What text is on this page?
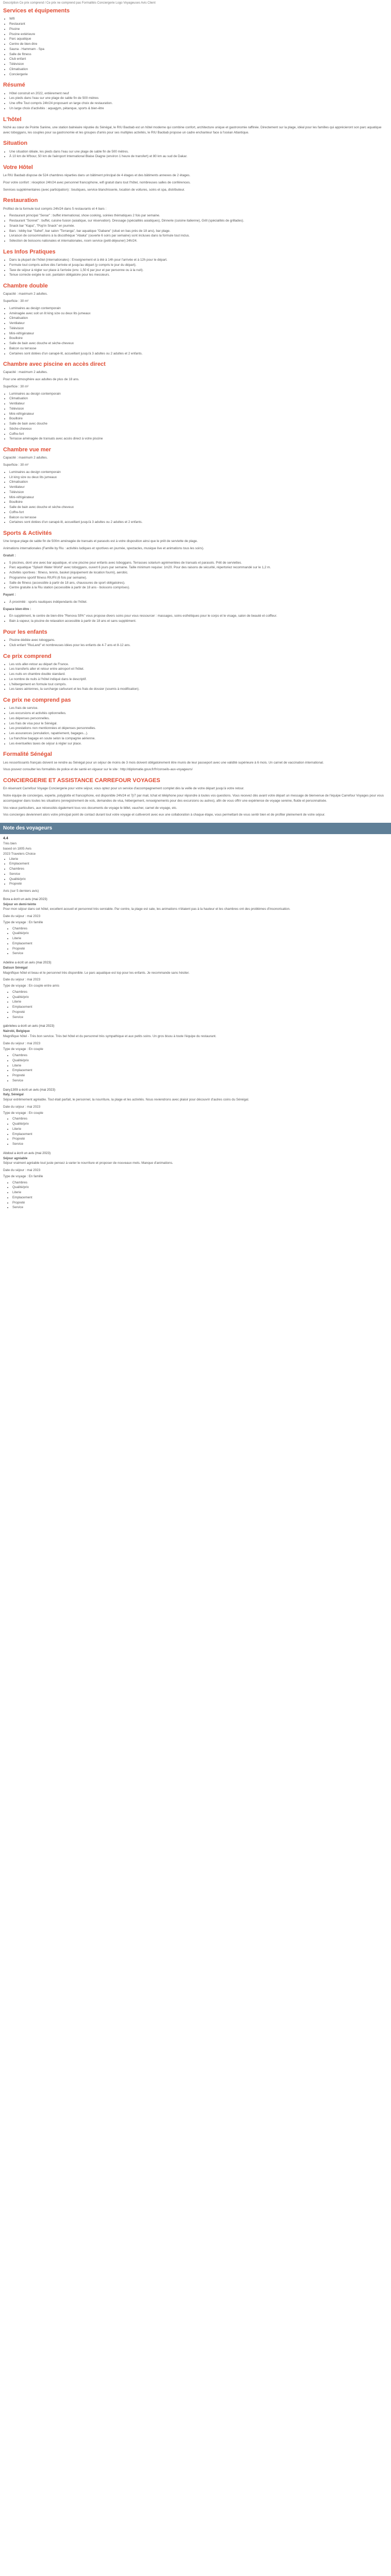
Description Ce prix comprend / Ce prix ne comprend pas Formalités Conciergerie Logo Voyageuses Avis Client
Services et équipements
• Wifi
• Restaurant
• Piscine
• Piscine extérieure
• Parc aquatique
• Centre de bien-être
• Sauna - Hammam - Spa
• Salle de fitness
• Club enfant
• Télévision
• Climatisation
• Conciergerie
Résumé
• Hôtel construit en 2022, entièrement neuf
• Les pieds dans l'eau sur une plage de sable fin de 500 mètres
• Une offre Tout compris 24h/24 proposant un large choix de restauration.
• Un large choix d'activités : aquagym, pétanque, sports & bien-être
L'hôtel

Niché au cœur de Pointe Sarène, une station balnéaire réputée du Sénégal, le RIU Baobab est un hôtel moderne qui combine confort, architecture unique et gastronomie raffinée. Directement sur la plage, idéal pour les familles qui apprécieront son parc aquatique avec toboggans, les couples pour sa gastronomie et les groupes d'amis pour ses multiples activités, le RIU Baobab propose un cadre enchanteur face à l'océan Atlantique.

Situation
• Une situation idéale, les pieds dans l'eau sur une plage de sable fin de 500 mètres.
• À 10 km de M'bour, 50 km de l'aéroport International Blaise Diagne (environ 1 heure de transfert) et 80 km au sud de Dakar.
Votre Hôtel

Le RIU Baobab dispose de 524 chambres réparties dans un bâtiment principal de 4 étages et des bâtiments annexes de 2 étages.

Pour votre confort : réception 24h/24 avec personnel francophone, wifi gratuit dans tout l'hôtel, nombreuses salles de conférences.

Services supplémentaires (avec participation) : boutiques, service blanchisserie, location de voitures, soins et spa, distributeur.

Restauration

Profitez de la formule tout compris 24h/24 dans 5 restaurants et 4 bars :

• Restaurant principal "Senar" : buffet international, show cooking, soirées thématiques 2 fois par semaine.
• Restaurant "Sonnet" : buffet, cuisine fusion (asiatique, sur réservation). Dressage (spécialités asiatiques), Dinnerie (cuisine italienne), Grill (spécialités de grillades).
• Snack bar "Kapa", "Pop'in Snack" en journée.
• Bars : lobby bar "Sahel", bar salon "Terranga", bar aquatique "Gabane" (situé en bas près de 18 ans), bar plage.
• Livraison de consommations à la discothèque "Abaka" (ouverte 6 soirs par semaine) sont incluses dans la formule tout inclus.
• Sélection de boissons nationales et internationales, room service (petit-déjeuner) 24h/24.
Les Infos Pratiques
• Dans la plupart de l'hôtel (internationales) : Enseignement et à été à 14h pour l'arrivée et à 12h pour le départ.
• Formule tout compris active dès l'arrivée et jusqu'au départ (y compris le jour du départ).
• Taxe de séjour à régler sur place à l'arrivée (env. 1,50 € par jour et par personne ou à la nuit).
• Tenue correcte exigée le soir, pantalon obligatoire pour les messieurs.
Chambre double

Capacité : maximum 2 adultes.

Superficie : 30 m²

• Luminaires au design contemporain
• Aménagée avec soit un lit king size ou deux lits jumeaux
• Climatisation
• Ventilateur
• Télévision
• Mini-réfrigérateur
• Bouilloire
• Salle de bain avec douche et sèche-cheveux
• Balcon ou terrasse
• Certaines sont dotées d'un canapé-lit, accueillant jusqu'à 3 adultes ou 2 adultes et 2 enfants.
Chambre avec piscine en accès direct

Capacité : maximum 2 adultes.

Pour une atmosphère aux adultes de plus de 18 ans.

Superficie : 30 m²

• Luminaires au design contemporain
• Climatisation
• Ventilateur
• Télévision
• Mini-réfrigérateur
• Bouilloire
• Salle de bain avec douche
• Sèche-cheveux
• Coffre-fort
• Terrasse aménagée de transats avec accès direct à votre piscine
Chambre vue mer

Capacité : maximum 2 adultes.

Superficie : 30 m²

• Luminaires au design contemporain
• Lit king size ou deux lits jumeaux
• Climatisation
• Ventilateur
• Télévision
• Mini-réfrigérateur
• Bouilloire
• Salle de bain avec douche et sèche-cheveux
• Coffre-fort
• Balcon ou terrasse
• Certaines sont dotées d'un canapé-lit, accueillant jusqu'à 3 adultes ou 2 adultes et 2 enfants.
Sports & Activités

Une longue plage de sable fin de 500m aménagée de transats et parasols est à votre disposition ainsi que le prêt de serviette de plage.

Animations internationales (Famille by Riu : activités ludiques et sportives en journée, spectacles, musique live et animations tous les soirs).

Gratuit :

• 5 piscines, dont une avec bar aquatique, et une piscine pour enfants avec toboggans. Terrasses solarium agrémentées de transats et parasols. Prêt de serviettes.
• Parc aquatique "Splash Water World" avec toboggans, ouvert 6 jours par semaine. Taille minimum requise: 1m20. Pour des raisons de sécurité, répertoriez recommandé sur le 1,2 m.
• Activités sportives : fitness, tennis, basket (équipement de location fourni), aerobic.
• Programme sportif fitness RIUFit (6 fois par semaine).
• Salle de fitness (accessible à partir de 18 ans, chaussures de sport obligatoires).
• Centre gratuite à la Riu station (accessible à partir de 18 ans - boissons comprises).

Payant :

• À proximité : sports nautiques indépendants de l'hôtel.

Espace bien-être :

• En supplément, le centre de bien-être "Renova SPA" vous propose divers soins pour vous ressourcer : massages, soins esthétiques pour le corps et le visage, salon de beauté et coiffeur.
• Bain à vapeur, la piscine de relaxation accessible à partir de 18 ans et sans supplément.
Pour les enfants
• Piscine dédiée avec toboggans.
• Club enfant "RiuLand" et nombreuses idées pour les enfants de 4-7 ans et 8-12 ans.
Ce prix comprend
• Les vols aller-retour au départ de France.
• Les transferts aller et retour entre aéroport et l'hôtel.
• Les nuits en chambre double standard.
• Le nombre de nuits à l'hôtel indiqué dans le descriptif.
• L'hébergement en formule tout compris.
• Les taxes aériennes, la surcharge carburant et les frais de dossier (soumis à modification).
Ce prix ne comprend pas
• Les frais de service.
• Les excursions et activités optionnelles.
• Les dépenses personnelles.
• Les frais de visa pour le Sénégal.
• Les prestations non mentionnées et dépenses personnelles.
• Les assurances (annulation, rapatriement, bagages...).
• La franchise bagage en soute selon la compagnie aérienne.
• Les éventuelles taxes de séjour à régler sur place.
Formalité Sénégal

Les ressortissants français doivent se rendre au Sénégal pour un séjour de moins de 3 mois doivent obligatoirement être munis de leur passeport avec une validité supérieure à 6 mois. Un carnet de vaccination international.

Vous pouvez consulter les formalités de police et de santé en vigueur sur le site : http://diplomatie.gouv.fr/fr/conseils-aux-voyageurs/

CONCIERGERIE ET ASSISTANCE CARREFOUR VOYAGES

En réservant Carrefour Voyage Conciergerie pour votre séjour, vous optez pour un service d'accompagnement complet dès la veille de votre départ jusqu'à votre retour.

Notre équipe de concierges, experte, polyglotte et francophone, est disponible 24h/24 et 7j/7 par mail, tchat et téléphone pour répondre à toutes vos questions. Vous recevez dès avant votre départ un message de bienvenue de l'équipe Carrefour Voyages pour vous accompagner dans toutes les situations (enregistrement de vols, demandes de visa, hébergement, renseignements pour des excursions ou autres), afin de vous offrir une expérience de voyage sereine, fluide et personnalisée.

Vos vœux particuliers, aux nécessités également tous vos documents de voyage le billet, vaucher, carnet de voyage, etc.

Vos concierges deviennent alors votre principal point de contact durant tout votre voyage et cultiveront avec eux une collaboration à chaque étape, vous permettant de vous sentir bien et de profiter pleinement de votre séjour.

Note des voyageurs
4.4
Très bien
based on 1805 Avis
2023 Travelers Choice
• Literie
• Emplacement
• Chambres
• Service
• Qualité/prix
• Propreté
Avis (sur 5 derniers avis)
Bora a écrit un avis (mai 2023)
Séjour en demi-teinte

Pour mon séjour dans cet hôtel, excellent accueil et personnel très serviable. Par contre, la plage est sale, les animations n'étaient pas à la hauteur et les chambres ont des problèmes d'insonorisation.

Date du séjour : mai 2023
Type de voyage : En famille
• Chambres
• Qualité/prix
• Literie
• Emplacement
• Propreté
• Service
Adeline a écrit un avis (mai 2023)
Datsun Sénégal

Magnifique hôtel et beau et le personnel très disponible. Le parc aquatique est top pour les enfants. Je recommande sans hésiter.

Date du séjour : mai 2023
Type de voyage : En couple entre amis
• Chambres
• Qualité/prix
• Literie
• Emplacement
• Propreté
• Service
gabrielwu a écrit un avis (mai 2023)
Nairobi, Belgique

Magnifique hôtel - Très bon service. Très bel hôtel et du personnel très sympathique et aux petits soins. Un gros bisou à toute l'équipe du restaurant.

Date du séjour : mai 2023
Type de voyage : En couple
• Chambres
• Qualité/prix
• Literie
• Emplacement
• Propreté
• Service
Dany1309 a écrit un avis (mai 2023)
Italy, Sénégal

Séjour extrêmement agréable. Tout était parfait, le personnel, la nourriture, la plage et les activités. Nous reviendrons avec plaisir pour découvrir d'autres coins du Sénégal.

Date du séjour : mai 2023
Type de voyage : En couple
• Chambres
• Qualité/prix
• Literie
• Emplacement
• Propreté
• Service
Abdoul a écrit un avis (mai 2023)
Séjour agréable

Séjour vraiment agréable tout juste pensez à varier le nourriture et proposer de nouveaux mets. Manque d'animations.

Date du séjour : mai 2023
Type de voyage : En famille
• Chambres
• Qualité/prix
• Literie
• Emplacement
• Propreté
• Service
